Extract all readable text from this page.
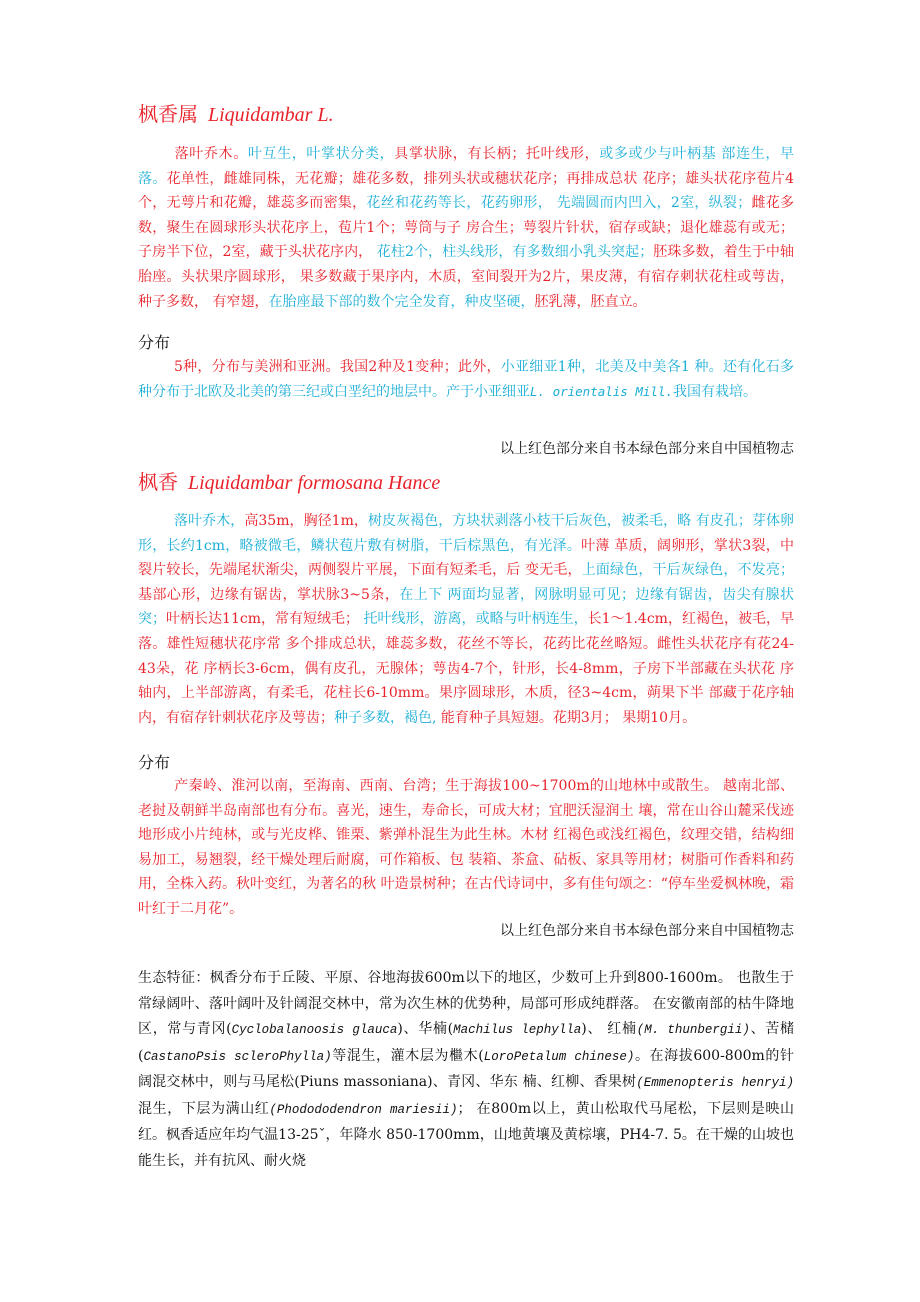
枫香属 Liquidambar L.
落叶乔木。叶互生，叶掌状分类，具掌状脉，有长柄；托叶线形，或多或少与叶柄基 部连生，早落。花单性，雌雄同株，无花瓣；雄花多数，排列头状或穗状花序；再排成总状 花序；雄头状花序苞片4个，无萼片和花瓣，雄蕊多而密集，花丝和花药等长，花药卵形， 先端圆而内凹入，2室，纵裂；雌花多数，聚生在圆球形头状花序上，苞片1个；萼筒与子 房合生；萼裂片针状，宿存或缺；退化雄蕊有或无；子房半下位，2室，藏于头状花序内， 花柱2个，柱头线形，有多数细小乳头突起；胚珠多数，着生于中轴胎座。头状果序圆球形， 果多数藏于果序内，木质，室间裂开为2片，果皮薄，有宿存刺状花柱或萼齿，种子多数， 有窄翅，在胎座最下部的数个完全发育，种皮坚硬，胚乳薄，胚直立。
分布
5种，分布与美洲和亚洲。我国2种及1变种；此外，小亚细亚1种，北美及中美各1 种。还有化石多种分布于北欧及北美的第三纪或白垩纪的地层中。产于小亚细亚L. orientalis Mill.我国有栽培。
以上红色部分来自书本绿色部分来自中国植物志
枫香 Liquidambar formosana Hance
落叶乔木，高35m，胸径1m，树皮灰褐色，方块状剥落小枝干后灰色，被柔毛，略 有皮孔；芽体卵形，长约1cm，略被微毛，鳞状苞片敷有树脂，干后棕黑色，有光泽。叶薄 革质，阔卵形，掌状3裂，中裂片较长，先端尾状渐尖，两侧裂片平展，下面有短柔毛，后 变无毛，上面绿色，干后灰绿色，不发亮；基部心形，边缘有锯齿，掌状脉3~5条，在上下 两面均显著，网脉明显可见；边缘有锯齿，齿尖有腺状突；叶柄长达11cm，常有短绒毛； 托叶线形，游离，或略与叶柄连生，长1〜1.4cm，红褐色，被毛，早落。雄性短穗状花序常 多个排成总状，雄蕊多数，花丝不等长，花药比花丝略短。雌性头状花序有花24-43朵，花 序柄长3-6cm，偶有皮孔，无腺体；萼齿4-7个，针形，长4-8mm，子房下半部藏在头状花 序轴内，上半部游离，有柔毛，花柱长6-10mm。果序圆球形，木质，径3~4cm，蒴果下半 部藏于花序轴内，有宿存针刺状花序及萼齿；种子多数，褐色, 能育种子具短翅。花期3月； 果期10月。
分布
产秦岭、淮河以南，至海南、西南、台湾；生于海拔100~1700m的山地林中或散生。 越南北部、老挝及朝鲜半岛南部也有分布。喜光，速生，寿命长，可成大材；宜肥沃湿润土 壤，常在山谷山麓采伐迹地形成小片纯林，或与光皮桦、锥栗、紫弹朴混生为此生林。木材 红褐色或浅红褐色，纹理交错，结构细易加工，易翘裂，经干燥处理后耐腐，可作箱板、包 装箱、茶盒、砧板、家具等用材；树脂可作香料和药用，全株入药。秋叶变红，为著名的秋 叶造景树种；在古代诗词中，多有佳句颂之：“停车坐爱枫林晚，霜叶红于二月花”。
以上红色部分来自书本绿色部分来自中国植物志
生态特征：枫香分布于丘陵、平原、谷地海拔600m以下的地区，少数可上升到800-1600m。 也散生于常绿阔叶、落叶阔叶及针阔混交林中，常为次生林的优势种，局部可形成纯群落。 在安徽南部的枯牛降地区，常与青冈(Cyclobalanoosis glauca)、华楠(Machilus lephylla)、 红楠(M. thunbergii)、苦槠(CastanoPsis scleroPhylla)等混生，灌木层为檵木(LoroPetalum chinese)。在海拔600-800m的针阔混交林中，则与马尾松(Piuns massoniana)、青冈、华东 楠、红柳、香果树(Emmenopteris henryi)混生，下层为满山红(Phodododendron mariesii)； 在800m以上，黄山松取代马尾松，下层则是映山红。枫香适应年均气温13-25ˇ，年降水 850-1700mm，山地黄壤及黄棕壤，PH4-7. 5。在干燥的山坡也能生长，并有抗风、耐火烧
